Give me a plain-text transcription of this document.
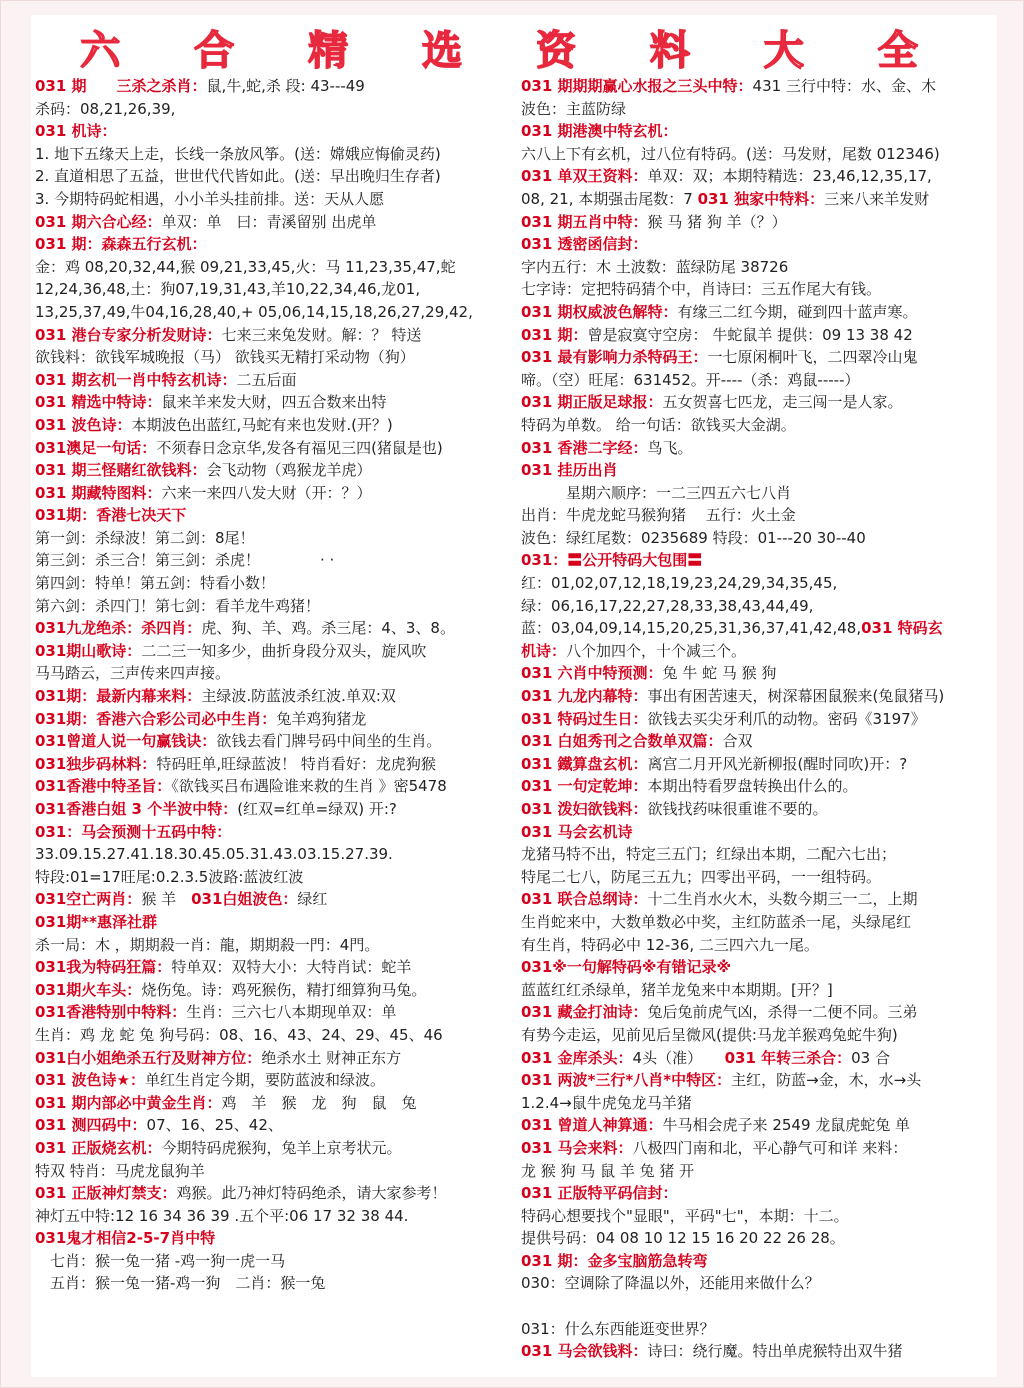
六 合 精 选 资 料 大 全
031 期　　三杀之杀肖：鼠,牛,蛇,杀 段: 43---49
杀码：08,21,26,39,
031 机诗：
1. 地下五缘天上走，长线一条放风筝。(送：嫦娥应悔偷灵药)
2. 直道相思了五益，世世代代皆如此。(送：早出晚归生存者)
3. 今期特码蛇相遇，小小羊头挂前排。送：天从人愿
031 期六合心经：单双：单　曰：青溪留别 出虎单
031 期：森森五行玄机：
金：鸡 08,20,32,44,猴 09,21,33,45,火：马 11,23,35,47,蛇
12,24,36,48,土：狗07,19,31,43,羊10,22,34,46,龙01,
13,25,37,49,牛04,16,28,40,+ 05,06,14,15,18,26,27,29,42,
031 港台专家分析发财诗：七来三来兔发财。解：？ 特送
欲钱料：欲钱军城晚报（马） 欲钱买无精打采动物（狗）
031 期玄机一肖中特玄机诗：二五后面
031 精选中特诗：鼠来羊来发大财，四五合数来出特
031 波色诗：本期波色出蓝红,马蛇有来也发财.(开？)
031澳足一句话：不须春日念京华,发各有福见三四(猪鼠是也)
031 期三怪赌红欲钱料：会飞动物（鸡猴龙羊虎）
031 期藏特图料：六来一来四八发大财（开：？）
031期：香港七决天下
第一剑：杀绿波！第二剑：8尾！
第三剑：杀三合！第三剑：杀虎！　　　　· ·
第四剑：特单！第五剑：特看小数！
第六剑：杀四门！第七剑：看羊龙牛鸡猪！
031九龙绝杀：杀四肖：虎、狗、羊、鸡。杀三尾：4、3、8。
031期山歌诗：二二三一知多少，曲折身段分双头，旋风吹
马马踏云，三声传来四声接。
031期：最新内幕来料：主绿波.防蓝波杀红波.单双:双
031期：香港六合彩公司必中生肖：兔羊鸡狗猪龙
031曾道人说一句赢钱诀：欲钱去看门牌号码中间坐的生肖。
031独步码林料：特码旺单,旺绿蓝波！ 特肖看好：龙虎狗猴
031香港中特圣旨：《欲钱买吕布遇险谁来救的生肖 》密5478
031香港白姐 3 个半波中特：(红双=红单=绿双) 开:?
031：马会预测十五码中特：
33.09.15.27.41.18.30.45.05.31.43.03.15.27.39.
特段:01=17旺尾:0.2.3.5波路:蓝波红波
031空亡两肖：猴 羊　031白姐波色：绿红
031期**惠泽社群
杀一局：木 ，期期殺一肖：龍，期期殺一門：4門。
031我为特码狂篇：特单双：双特大小：大特肖试：蛇羊
031期火车头：烧伤兔。诗：鸡死猴伤，精打细算狗马兔。
031香港特别中特料：生肖：三六七八本期现单双：单
生肖：鸡 龙 蛇 兔 狗号码：08、16、43、24、29、45、46
031白小姐绝杀五行及财神方位：绝杀水土 财神正东方
031 波色诗★：单红生肖定今期，要防蓝波和绿波。
031 期内部必中黄金生肖：鸡　羊　猴　龙　狗　鼠　兔
031 测四码中：07、16、25、42、
031 正版烧玄机：今期特码虎猴狗，兔羊上京考状元。
特双 特肖：马虎龙鼠狗羊
031 正版神灯禁支：鸡猴。此乃神灯特码绝杀，请大家参考！
神灯五中特:12 16 34 36 39 .五个平:06 17 32 38 44.
031鬼才相信2-5-7肖中特
　七肖：猴一兔一猪 -鸡一狗一虎一马
　五肖：猴一兔一猪-鸡一狗　二肖：猴一兔
031 期期期赢心水报之三头中特：431 三行中特：水、金、木
波色：主蓝防绿
031 期港澳中特玄机：
六八上下有玄机，过八位有特码。(送：马发财，尾数 012346)
031 单双王资料：单双：双；本期特精选：23,46,12,35,17,
08, 21, 本期强击尾数：7 031 独家中特料：三来八来羊发财
031 期五肖中特：猴 马 猪 狗 羊（？）
031 透密函信封：
字内五行：木 土波数：蓝绿防尾 38726
七字诗：定把特码猜个中，肖诗曰：三五作尾大有钱。
031 期权威波色解特：有缘三二红今期，碰到四十蓝声寒。
031 期：曾是寂寞守空房： 牛蛇鼠羊 提供：09 13 38 42
031 最有影响力杀特码王：一七原闲桐叶飞，二四翠冷山鬼
啼。（空）旺尾：631452。开----（杀：鸡鼠-----）
031 期正版足球报：五女贺喜七匹龙，走三闯一是人家。
特码为单数。 给一句话：欲钱买大金湖。
031 香港二字经：鸟飞。
031 挂历出肖
　　　星期六顺序：一二三四五六七八肖
出肖：牛虎龙蛇马猴狗猪　 五行：火土金
波色：绿红尾数：0235689 特段：01---20 30--40
031：〓公开特码大包围〓
红：01,02,07,12,18,19,23,24,29,34,35,45,
绿：06,16,17,22,27,28,33,38,43,44,49,
蓝：03,04,09,14,15,20,25,31,36,37,41,42,48,031 特码玄
机诗：八个加四个，十个减三个。
031 六肖中特预测：兔 牛 蛇 马 猴 狗
031 九龙内幕特：事出有困苦速天，树深幕困鼠猴来(兔鼠猪马)
031 特码过生日：欲钱去买尖牙利爪的动物。密码《3197》
031 白姐秀刊之合数单双篇：合双
031 鐵算盘玄机：离宫二月开风光新柳报(醒时同吹)开：?
031 一句定乾坤：本期出特看罗盘转换出什么的。
031 泼妇欲钱料：欲钱找药味很重谁不要的。
031 马会玄机诗
龙猪马特不出，特定三五门；红绿出本期，二配六七出；
特尾二七八，防尾三五九；四零出平码，一一组特码。
031 联合总纲诗：十二生肖水火木，头数今期三一二，上期
生肖蛇来中，大数单数必中奖，主红防蓝杀一尾，头绿尾红
有生肖，特码必中 12-36, 二三四六九一尾。
031※一句解特码※有错记录※
蓝蓝红红杀绿单，猪羊龙兔来中本期期。[开？]
031 藏金打油诗：兔后兔前虎气凶，杀得一二便不同。三弟
有势今走运，见前见后呈微风(提供:马龙羊猴鸡兔蛇牛狗)
031 金库杀头：4头（准）　　031 年转三杀合：03 合
031 两波*三行*八肖*中特区：主红，防蓝→金，木，水→头
1.2.4→鼠牛虎兔龙马羊猪
031 曾道人神算通：牛马相会虎子来 2549 龙鼠虎蛇兔 单
031 马会来料：八极四门南和北，平心静气可和详 来料：
龙 猴 狗 马 鼠 羊 兔 猪 开
031 正版特平码信封：
特码心想要找个"显眼"，平码"七"，本期：十二。
提供号码：04 08 10 12 15 16 20 22 26 28。
031 期：金多宝脑筋急转弯
030：空调除了降温以外，还能用来做什么？
031：什么东西能逛变世界？
031 马会欲钱料：诗曰：绕行魔。特出单虎猴特出双牛猪
